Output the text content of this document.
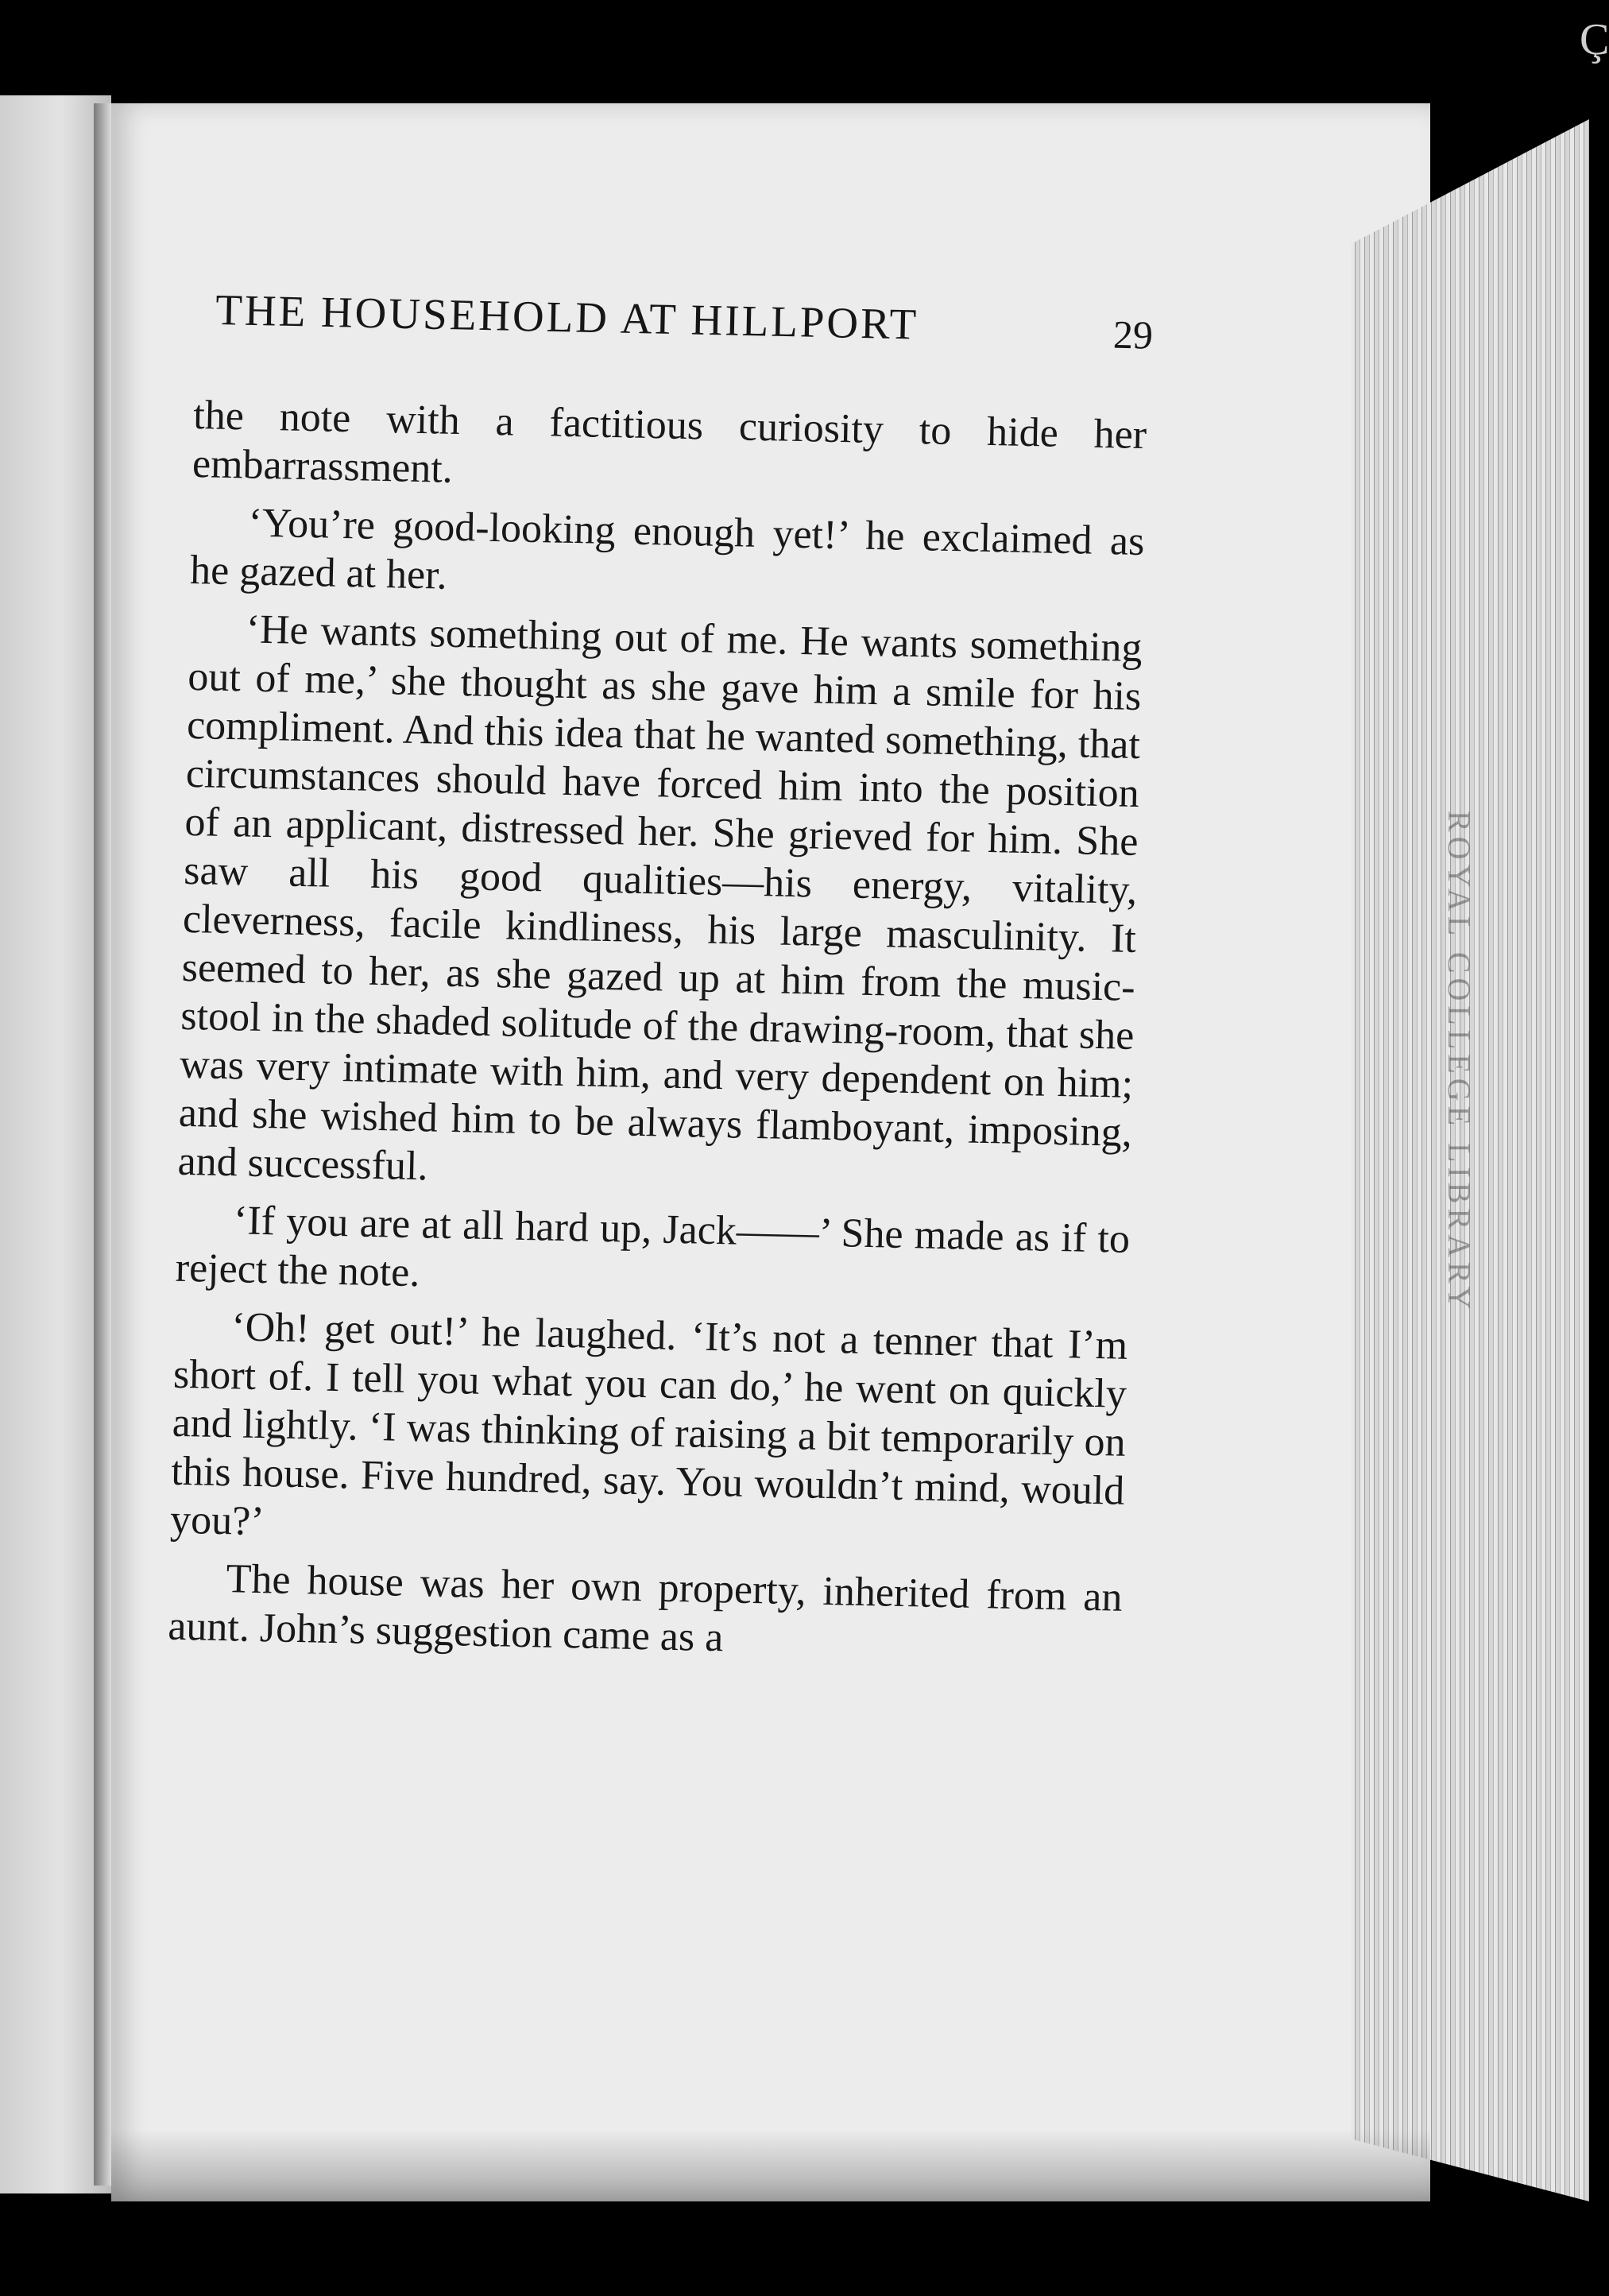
ROYAL COLLEGE LIBRARY
Ç
THE HOUSEHOLD AT HILLPORT	29

the note with a factitious curiosity to hide her embarrassment.

‘You’re good-looking enough yet!’ he exclaimed as he gazed at her.

‘He wants something out of me. He wants something out of me,’ she thought as she gave him a smile for his compliment. And this idea that he wanted something, that circumstances should have forced him into the position of an applicant, distressed her. She grieved for him. She saw all his good qualities—his energy, vitality, cleverness, facile kindliness, his large masculinity. It seemed to her, as she gazed up at him from the music-stool in the shaded solitude of the drawing-room, that she was very intimate with him, and very dependent on him; and she wished him to be always flamboyant, imposing, and successful.

‘If you are at all hard up, Jack——’ She made as if to reject the note.

‘Oh! get out!’ he laughed. ‘It’s not a tenner that I’m short of. I tell you what you can do,’ he went on quickly and lightly. ‘I was thinking of raising a bit temporarily on this house. Five hundred, say. You wouldn’t mind, would you?’

The house was her own property, inherited from an aunt. John’s suggestion came as a
